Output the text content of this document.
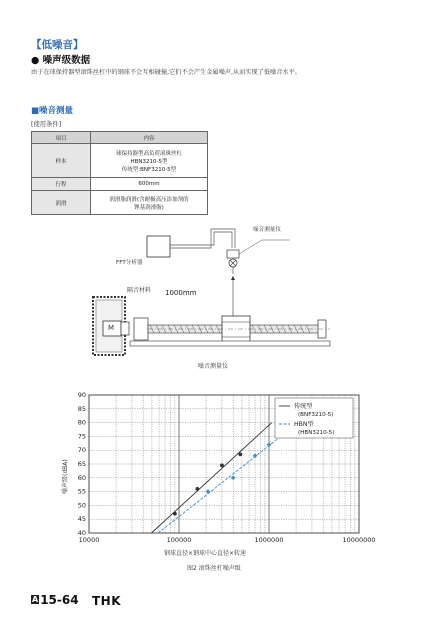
【低噪音】
● 噪声级数据
由于在球保持器型滚珠丝杠中的钢球不会互相碰撞,它们不会产生金属噪声,从而实现了低噪音水平。
■噪音测量
[使用条件]
项目	内容
样本	球保持器型高负荷滚珠丝杠
HBN3210-5型
传统型:BNF3210-5型

行程	600mm
润滑	润滑脂润滑(含耐极高压添加剂的
锂基润滑脂)
FFT分析器
噪音测量仪
隔音材料 1000mm
M
噪音测量仪
40
45
50
55
60
65
70
75
80
85
90
10000	100000	1000000	10000000
传统型
(BNF3210-5)
HBN型
(HBN3210-5)
钢球直径×钢球中心直径×转速
图2 滚珠丝杠噪声级
噪声级(dBA)
A 15-64 THK
